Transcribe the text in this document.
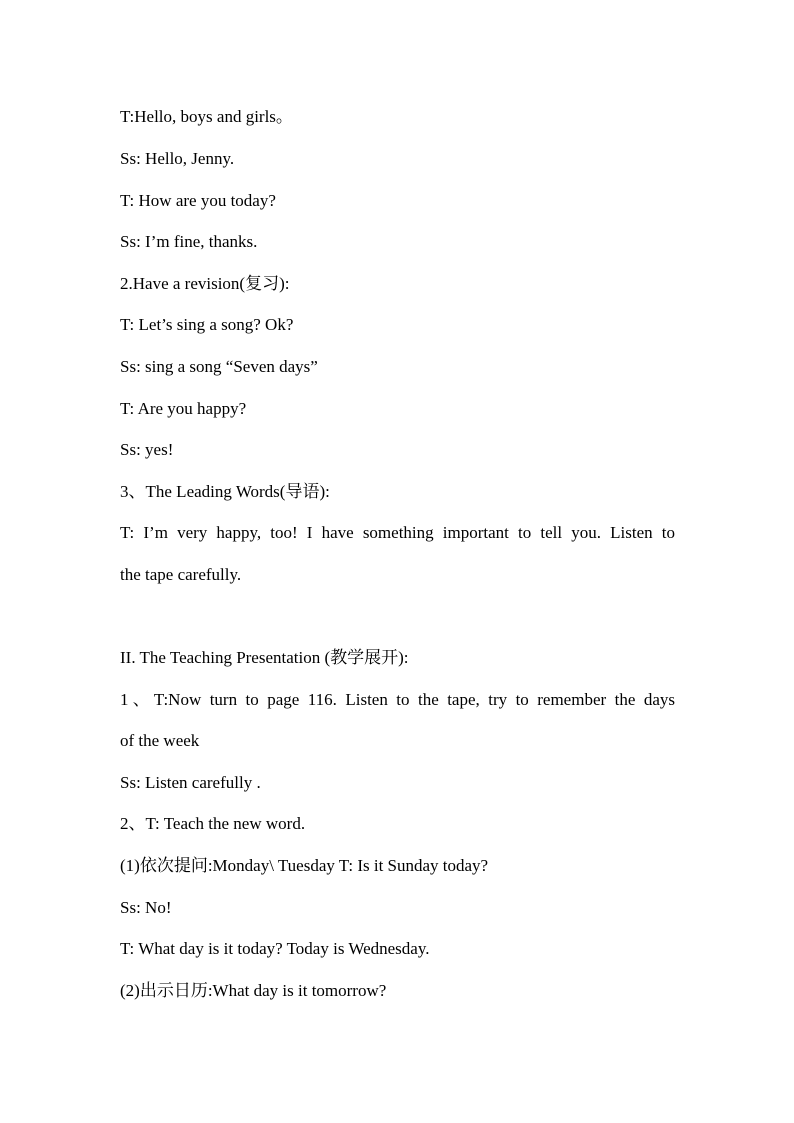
T:Hello, boys and girls。
Ss: Hello, Jenny.
T: How are you today?
Ss: I’m fine, thanks.
2.Have a revision(复习):
T: Let’s sing a song? Ok?
Ss: sing a song “Seven days”
T: Are you happy?
Ss: yes!
3、The Leading Words(导语):
T: I’m very happy, too! I have something important to tell you. Listen to
the tape carefully.
II. The Teaching Presentation (教学展开):
1、T:Now turn to page 116. Listen to the tape, try to remember the days
of the week
Ss: Listen carefully .
2、T: Teach the new word.
(1)依次提问:Monday\ Tuesday T: Is it Sunday today?
Ss: No!
T: What day is it today? Today is Wednesday.
(2)出示日历:What day is it tomorrow?
